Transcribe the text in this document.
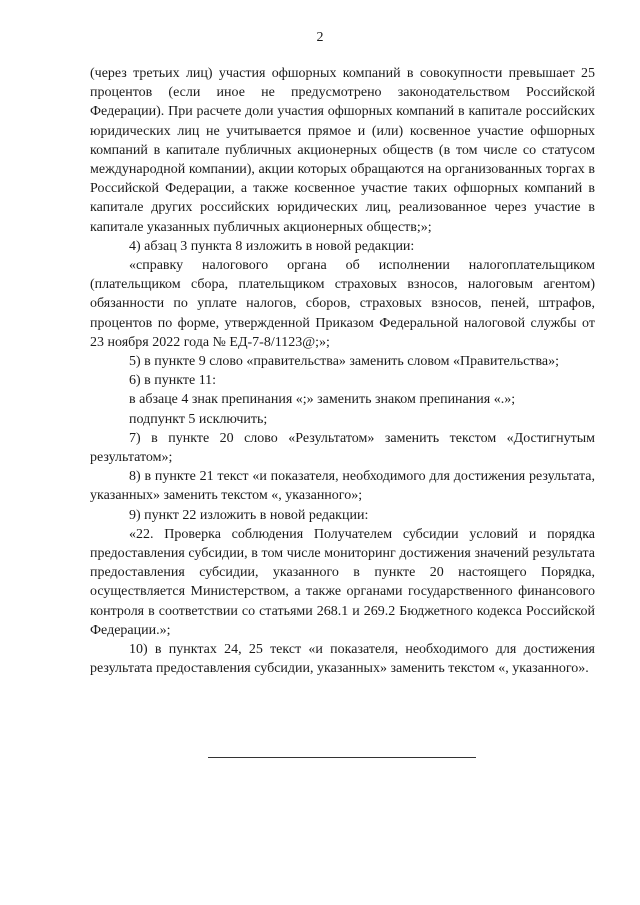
2

(через третьих лиц) участия офшорных компаний в совокупности превышает 25 процентов (если иное не предусмотрено законодательством Российской Федерации). При расчете доли участия офшорных компаний в капитале российских юридических лиц не учитывается прямое и (или) косвенное участие офшорных компаний в капитале публичных акционерных обществ (в том числе со статусом международной компании), акции которых обращаются на организованных торгах в Российской Федерации, а также косвенное участие таких офшорных компаний в капитале других российских юридических лиц, реализованное через участие в капитале указанных публичных акционерных обществ;»;

4) абзац 3 пункта 8 изложить в новой редакции:

«справку налогового органа об исполнении налогоплательщиком (плательщиком сбора, плательщиком страховых взносов, налоговым агентом) обязанности по уплате налогов, сборов, страховых взносов, пеней, штрафов, процентов по форме, утвержденной Приказом Федеральной налоговой службы от 23 ноября 2022 года № ЕД-7-8/1123@;»;

5) в пункте 9 слово «правительства» заменить словом «Правительства»;

6) в пункте 11:

в абзаце 4 знак препинания «;» заменить знаком препинания «.»;

подпункт 5 исключить;

7) в пункте 20 слово «Результатом» заменить текстом «Достигнутым результатом»;

8) в пункте 21 текст «и показателя, необходимого для достижения результата, указанных» заменить текстом «, указанного»;

9) пункт 22 изложить в новой редакции:

«22. Проверка соблюдения Получателем субсидии условий и порядка предоставления субсидии, в том числе мониторинг достижения значений результата предоставления субсидии, указанного в пункте 20 настоящего Порядка, осуществляется Министерством, а также органами государственного финансового контроля в соответствии со статьями 268.1 и 269.2 Бюджетного кодекса Российской Федерации.»;

10) в пунктах 24, 25 текст «и показателя, необходимого для достижения результата предоставления субсидии, указанных» заменить текстом «, указанного».
